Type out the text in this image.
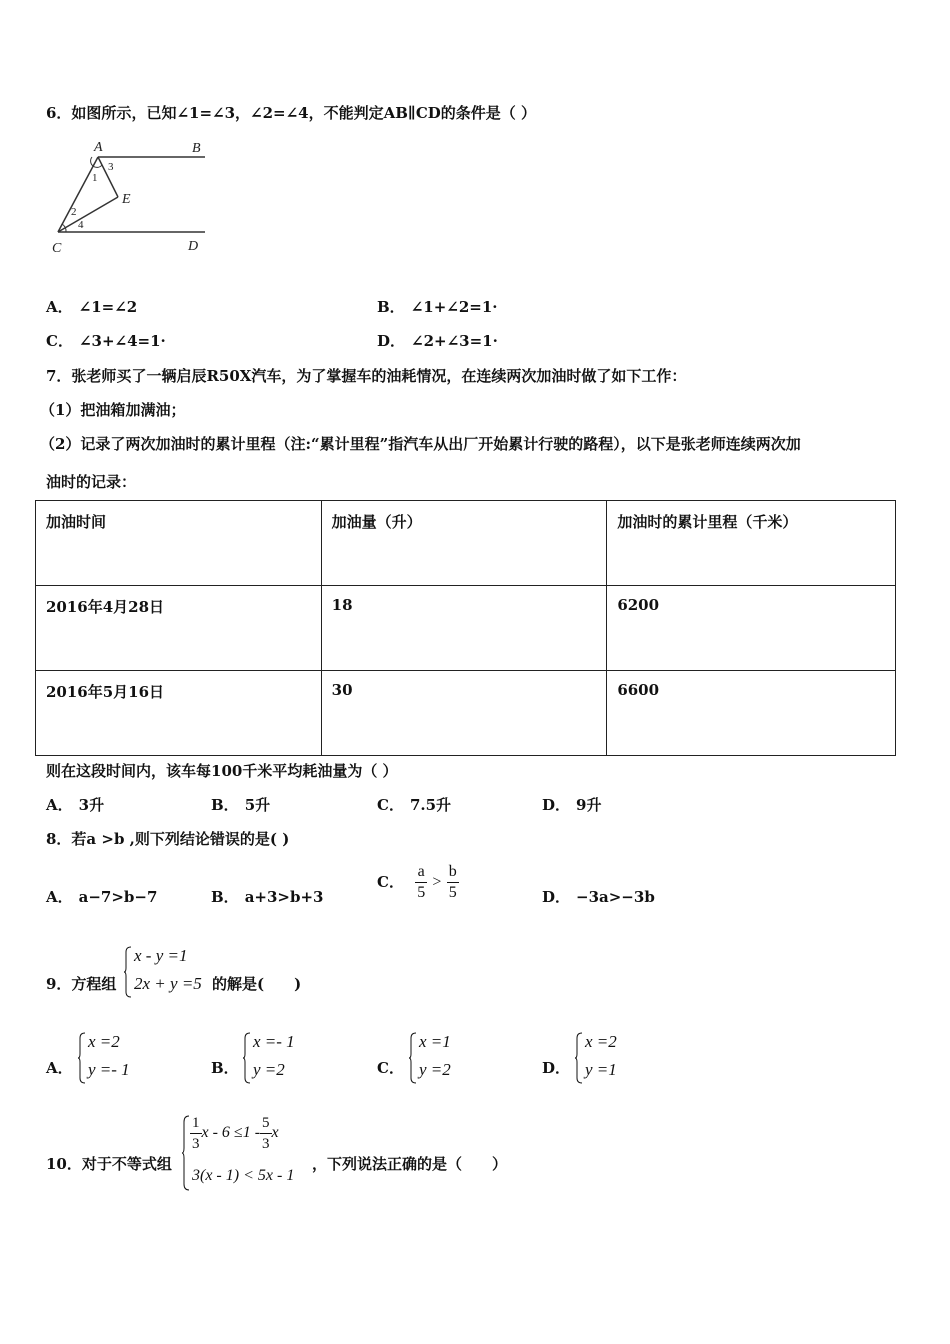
6．如图所示，已知∠1=∠3，∠2=∠4，不能判定AB∥CD的条件是（ ）
A	B
C	D
E
1
2
3
4
A． ∠1=∠2	B． ∠1+∠2=1·
C． ∠3+∠4=1·	D． ∠2+∠3=1·
7．张老师买了一辆启辰R50X汽车，为了掌握车的油耗情况，在连续两次加油时做了如下工作：
（1）把油箱加满油；
（2）记录了两次加油时的累计里程（注:“累计里程”指汽车从出厂开始累计行驶的路程），以下是张老师连续两次加
油时的记录：
加油时间	加油量（升）	加油时的累计里程（千米）
2016年4月28日	18	6200
2016年5月16日	30	6600
则在这段时间内，该车每100千米平均耗油量为（ ）
A． 3升	B． 5升	C． 7.5升	D． 9升
8．若a >b ,则下列结论错误的是( )
A． a−7>b−7	B． a+3>b+3
C． $\frac{a}{5} > \frac{b}{5}$	D． −3a>−3b
9．方程组
x - y =1
2x + y =5 的解是(　　)
A．
x =2
y =- 1	B．
x =- 1
y =2	C．
x =1
y =2	D．
x =2
y =1
10．对于不等式组
$\frac{1}{3}$ $x - 6 \le 1 - \frac{5}{3}$ x
3(x - 1) < 5x - 1
，下列说法正确的是（　　）
